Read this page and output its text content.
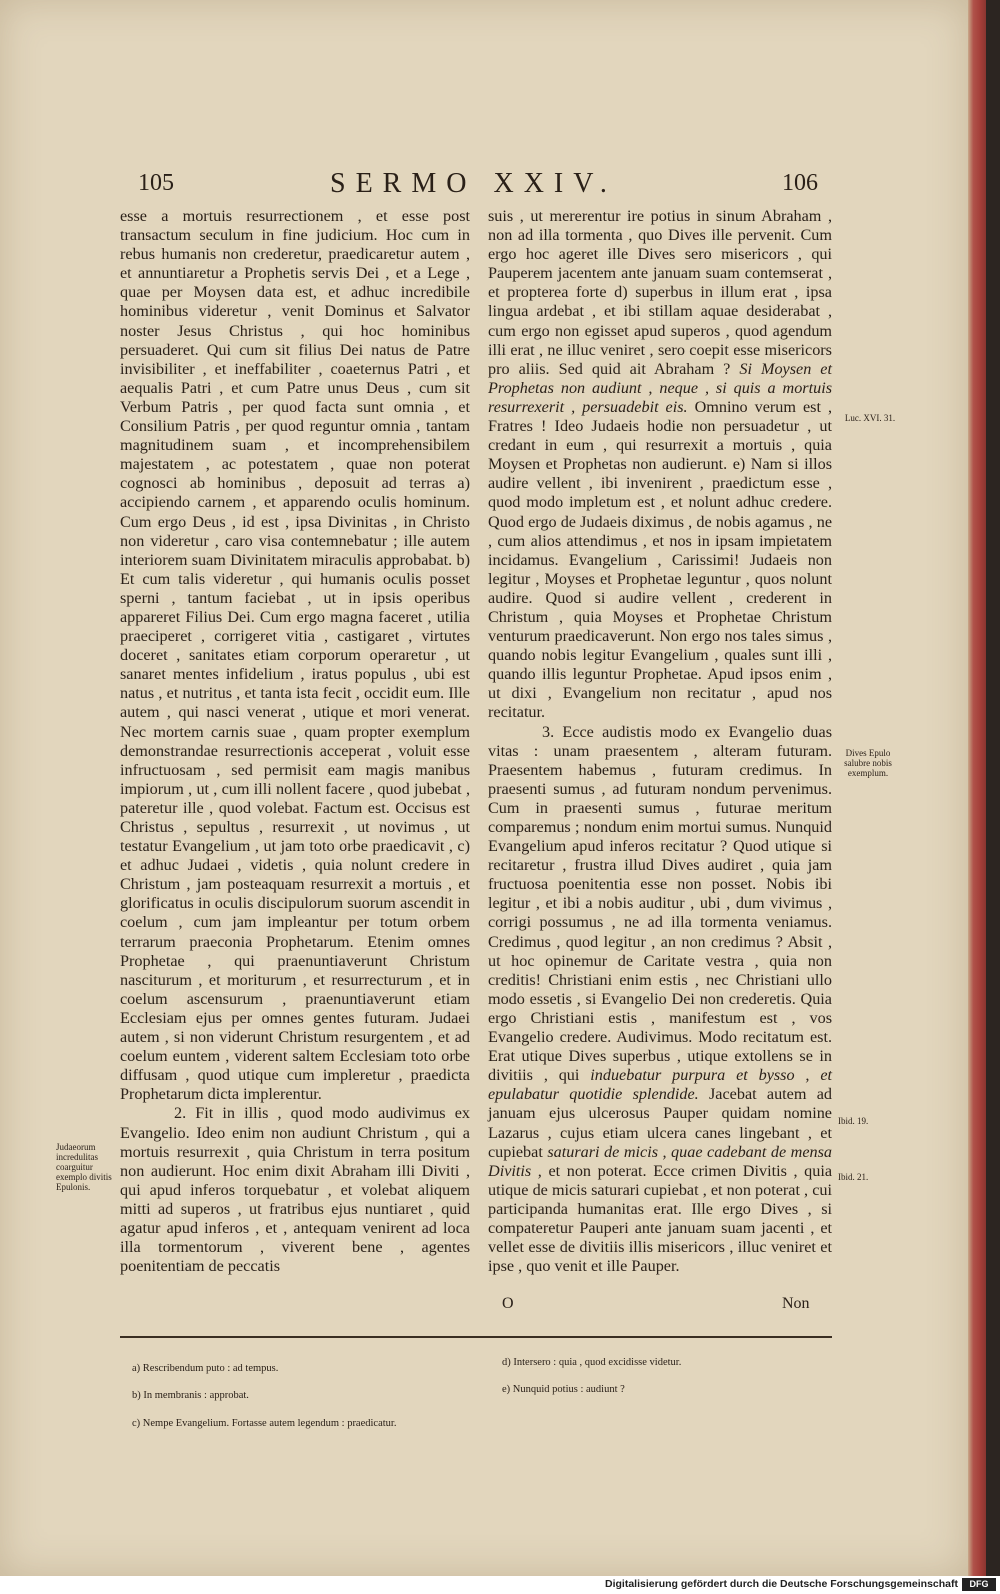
105	SERMO XXIV.	106

esse a mortuis resurrectionem , et esse post transactum seculum in fine judicium. Hoc cum in rebus humanis non crederetur, praedicaretur autem , et annuntiaretur a Prophetis servis Dei , et a Lege , quae per Moysen data est, et adhuc incredibile hominibus videretur , venit Dominus et Salvator noster Jesus Christus , qui hoc hominibus persuaderet. Qui cum sit filius Dei natus de Patre invisibiliter , et ineffabiliter , coaeternus Patri , et aequalis Patri , et cum Patre unus Deus , cum sit Verbum Patris , per quod facta sunt omnia , et Consilium Patris , per quod reguntur omnia , tantam magnitudinem suam , et incomprehensibilem majestatem , ac potestatem , quae non poterat cognosci ab hominibus , deposuit ad terras a) accipiendo carnem , et apparendo oculis hominum. Cum ergo Deus , id est , ipsa Divinitas , in Christo non videretur , caro visa contemnebatur ; ille autem interiorem suam Divinitatem miraculis approbabat. b) Et cum talis videretur , qui humanis oculis posset sperni , tantum faciebat , ut in ipsis operibus appareret Filius Dei. Cum ergo magna faceret , utilia praeciperet , corrigeret vitia , castigaret , virtutes doceret , sanitates etiam corporum operaretur , ut sanaret mentes infidelium , iratus populus , ubi est natus , et nutritus , et tanta ista fecit , occidit eum. Ille autem , qui nasci venerat , utique et mori venerat. Nec mortem carnis suae , quam propter exemplum demonstrandae resurrectionis acceperat , voluit esse infructuosam , sed permisit eam magis manibus impiorum , ut , cum illi nollent facere , quod jubebat , pateretur ille , quod volebat. Factum est. Occisus est Christus , sepultus , resurrexit , ut novimus , ut testatur Evangelium , ut jam toto orbe praedicavit , c) et adhuc Judaei , videtis , quia nolunt credere in Christum , jam posteaquam resurrexit a mortuis , et glorificatus in oculis discipulorum suorum ascendit in coelum , cum jam impleantur per totum orbem terrarum praeconia Prophetarum. Etenim omnes Prophetae , qui praenuntiaverunt Christum nasciturum , et moriturum , et resurrecturum , et in coelum ascensurum , praenuntiaverunt etiam Ecclesiam ejus per omnes gentes futuram. Judaei autem , si non viderunt Christum resurgentem , et ad coelum euntem , viderent saltem Ecclesiam toto orbe diffusam , quod utique cum impleretur , praedicta Prophetarum dicta implerentur.

2. Fit in illis , quod modo audivimus ex Evangelio. Ideo enim non audiunt Christum , qui a mortuis resurrexit , quia Christum in terra positum non audierunt. Hoc enim dixit Abraham illi Diviti , qui apud inferos torquebatur , et volebat aliquem mitti ad superos , ut fratribus ejus nuntiaret , quid agatur apud inferos , et , antequam venirent ad loca illa tormentorum , viverent bene , agentes poenitentiam de peccatis

suis , ut mererentur ire potius in sinum Abraham , non ad illa tormenta , quo Dives ille pervenit. Cum ergo hoc ageret ille Dives sero misericors , qui Pauperem jacentem ante januam suam contemserat , et propterea forte d) superbus in illum erat , ipsa lingua ardebat , et ibi stillam aquae desiderabat , cum ergo non egisset apud superos , quod agendum illi erat , ne illuc veniret , sero coepit esse misericors pro aliis. Sed quid ait Abraham ? Si Moysen et Prophetas non audiunt , neque , si quis a mortuis resurrexerit , persuadebit eis. Omnino verum est , Fratres ! Ideo Judaeis hodie non persuadetur , ut credant in eum , qui resurrexit a mortuis , quia Moysen et Prophetas non audierunt. e) Nam si illos audire vellent , ibi invenirent , praedictum esse , quod modo impletum est , et nolunt adhuc credere. Quod ergo de Judaeis diximus , de nobis agamus , ne , cum alios attendimus , et nos in ipsam impietatem incidamus. Evangelium , Carissimi! Judaeis non legitur , Moyses et Prophetae leguntur , quos nolunt audire. Quod si audire vellent , crederent in Christum , quia Moyses et Prophetae Christum venturum praedicaverunt. Non ergo nos tales simus , quando nobis legitur Evangelium , quales sunt illi , quando illis leguntur Prophetae. Apud ipsos enim , ut dixi , Evangelium non recitatur , apud nos recitatur.

3. Ecce audistis modo ex Evangelio duas vitas : unam praesentem , alteram futuram. Praesentem habemus , futuram credimus. In praesenti sumus , ad futuram nondum pervenimus. Cum in praesenti sumus , futurae meritum comparemus ; nondum enim mortui sumus. Nunquid Evangelium apud inferos recitatur ? Quod utique si recitaretur , frustra illud Dives audiret , quia jam fructuosa poenitentia esse non posset. Nobis ibi legitur , et ibi a nobis auditur , ubi , dum vivimus , corrigi possumus , ne ad illa tormenta veniamus. Credimus , quod legitur , an non credimus ? Absit , ut hoc opinemur de Caritate vestra , quia non creditis! Christiani enim estis , nec Christiani ullo modo essetis , si Evangelio Dei non crederetis. Quia ergo Christiani estis , manifestum est , vos Evangelio credere. Audivimus. Modo recitatum est. Erat utique Dives superbus , utique extollens se in divitiis , qui induebatur purpura et bysso , et epulabatur quotidie splendide. Jacebat autem ad januam ejus ulcerosus Pauper quidam nomine Lazarus , cujus etiam ulcera canes lingebant , et cupiebat saturari de micis , quae cadebant de mensa Divitis , et non poterat. Ecce crimen Divitis , quia utique de micis saturari cupiebat , et non poterat , cui participanda humanitas erat. Ille ergo Dives , si compateretur Pauperi ante januam suam jacenti , et vellet esse de divitiis illis misericors , illuc veniret et ipse , quo venit et ille Pauper.

Judaeorum incredulitas coarguitur exemplo divitis Epulonis.
Luc. XVI. 31.
Dives Epulo salubre nobis exemplum.
Ibid. 19.
Ibid. 21.
O	Non
a) Rescribendum puto : ad tempus.
b) In membranis : approbat.
c) Nempe Evangelium. Fortasse autem legendum : praedicatur.
d) Intersero : quia , quod excidisse videtur.
e) Nunquid potius : audiunt ?
Digitalisierung gefördert durch die Deutsche Forschungsgemeinschaft	DFG
